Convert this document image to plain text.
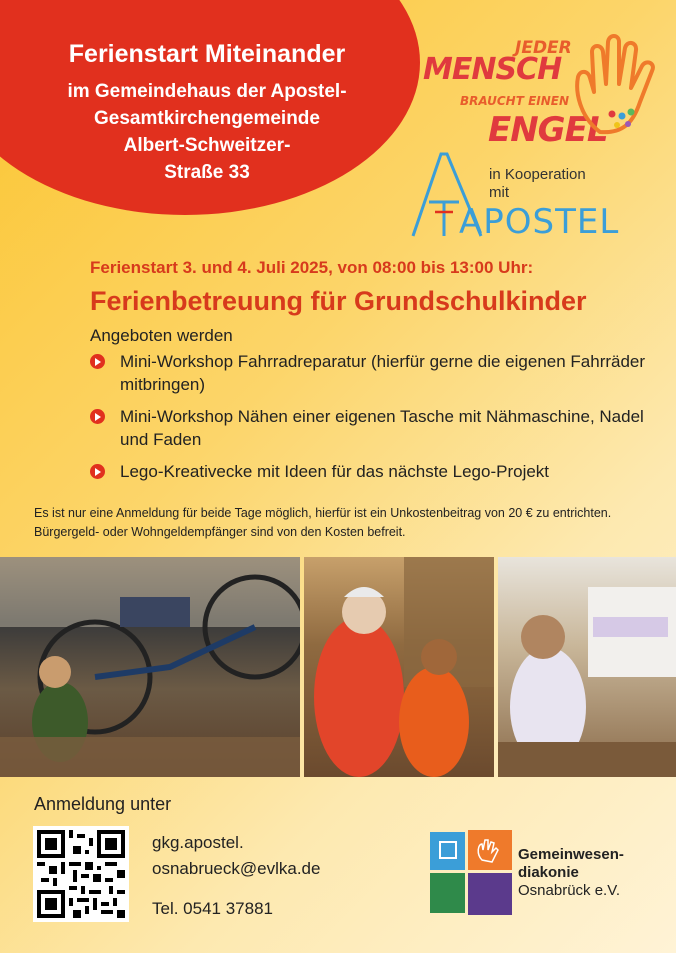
Ferienstart Miteinander
im Gemeindehaus der Apostel-
Gesamtkirchengemeinde
Albert-Schweitzer-
Straße 33
JEDER
MENSCH
BRAUCHT EINEN
ENGEL
in Kooperation
mit
APOSTEL
Ferienstart 3. und 4. Juli 2025, von 08:00 bis 13:00 Uhr:
Ferienbetreuung für Grundschulkinder
Angeboten werden
Mini-Workshop Fahrradreparatur (hierfür gerne die eigenen Fahrräder mitbringen)
Mini-Workshop Nähen einer eigenen Tasche mit Nähmaschine, Nadel und Faden
Lego-Kreativecke mit Ideen für das nächste Lego-Projekt
Es ist nur eine Anmeldung für beide Tage möglich, hierfür ist ein Unkostenbeitrag von 20 € zu entrichten. Bürgergeld- oder Wohngeldempfänger sind von den Kosten befreit.
Anmeldung unter
gkg.apostel.
osnabrueck@evlka.de
Tel. 0541 37881
Gemeinwesen-
diakonie
Osnabrück e.V.
